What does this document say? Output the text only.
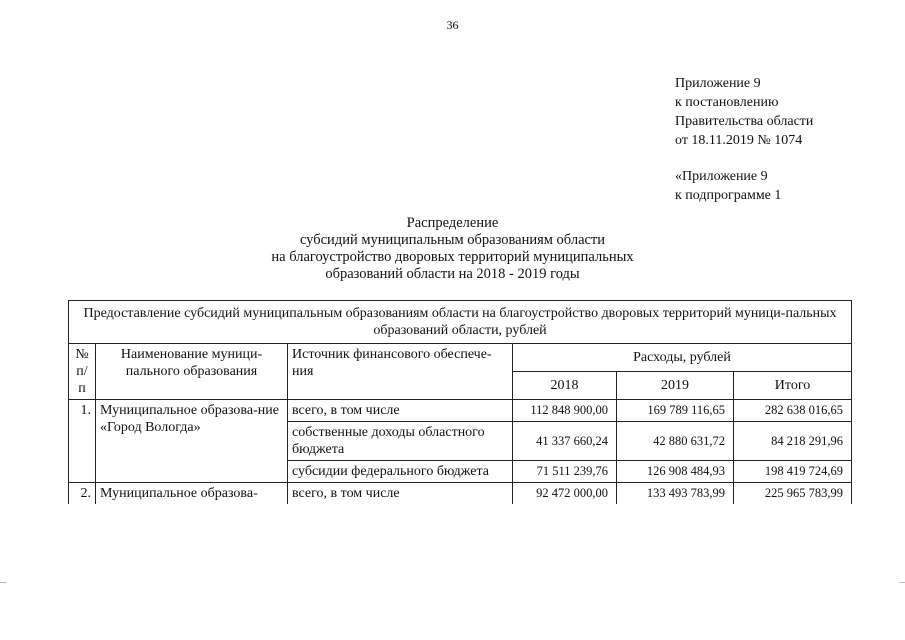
36
Приложение 9
к постановлению
Правительства области
от 18.11.2019 № 1074
«Приложение 9
к подпрограмме 1
Распределение
субсидий муниципальным образованиям области
на благоустройство дворовых территорий муниципальных
образований области на 2018 - 2019 годы
Предоставление субсидий муниципальным образованиям области на благоустройство дворовых территорий муници-пальных образований области, рублей					
№ п/п	Наименование муници-пального образования	Источник финансового обеспече-ния	Расходы, рублей		
			2018	2019	Итого
1.	Муниципальное образова-ние «Город Вологда»	всего, в том числе	112 848 900,00	169 789 116,65	282 638 016,65
		собственные доходы областного бюджета	41 337 660,24	42 880 631,72	84 218 291,96
		субсидии федерального бюджета	71 511 239,76	126 908 484,93	198 419 724,69
2.	Муниципальное образова-	всего, в том числе	92 472 000,00	133 493 783,99	225 965 783,99
